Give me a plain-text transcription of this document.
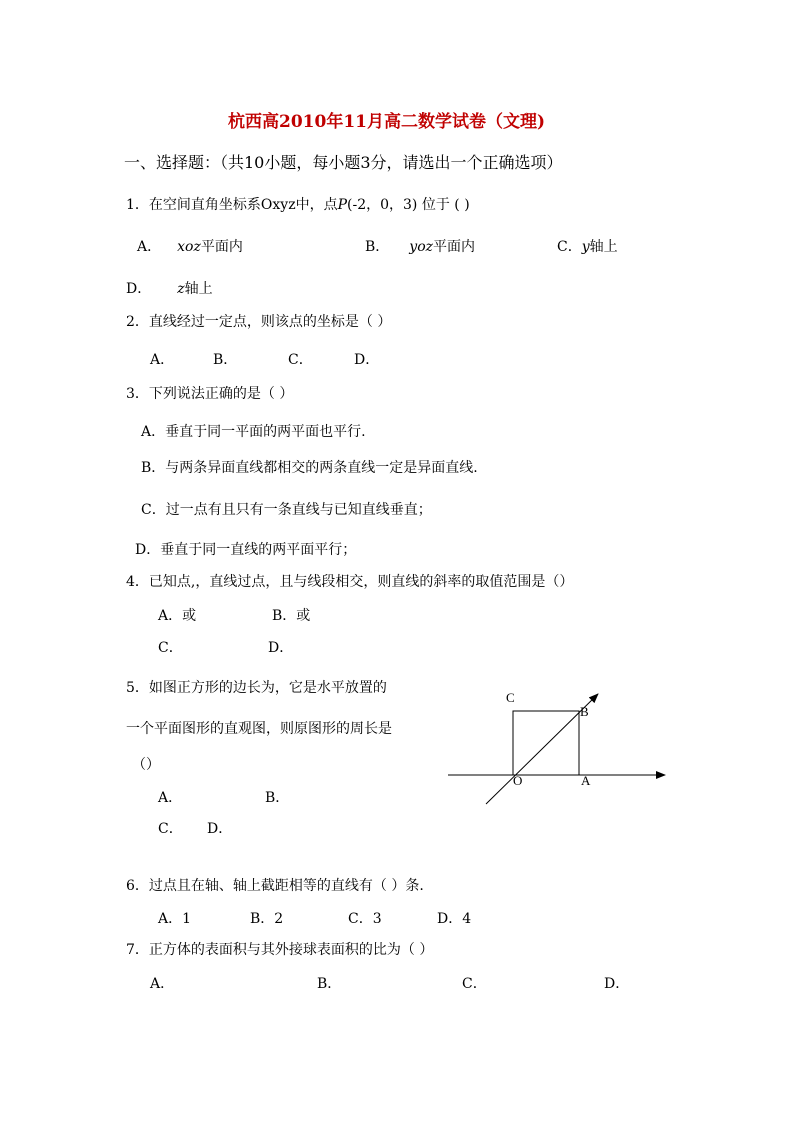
杭西高2010年11月高二数学试卷（文理)
一、选择题：（共10小题，每小题3分，请选出一个正确选项）
1．在空间直角坐标系Oxyz中，点P(-2，0，3) 位于 ( )
A． xoz平面内	B． yoz平面内	C．y轴上
D． z轴上
2．直线经过一定点，则该点的坐标是（ ）
A．	B．	C．	D．
3．下列说法正确的是（ ）
A．垂直于同一平面的两平面也平行.
B．与两条异面直线都相交的两条直线一定是异面直线.
C．过一点有且只有一条直线与已知直线垂直；
D．垂直于同一直线的两平面平行；
4．已知点,，直线过点，且与线段相交，则直线的斜率的取值范围是（）
A．或	B．或
C．	D．
5．如图正方形的边长为，它是水平放置的
一个平面图形的直观图，则原图形的周长是
（）
A．	B．
C． D．
C
B
O	A
6．过点且在轴、轴上截距相等的直线有（ ）条.
A．1	B．2	C．3	D．4
7．正方体的表面积与其外接球表面积的比为（ ）
A．	B．	C．	D．
